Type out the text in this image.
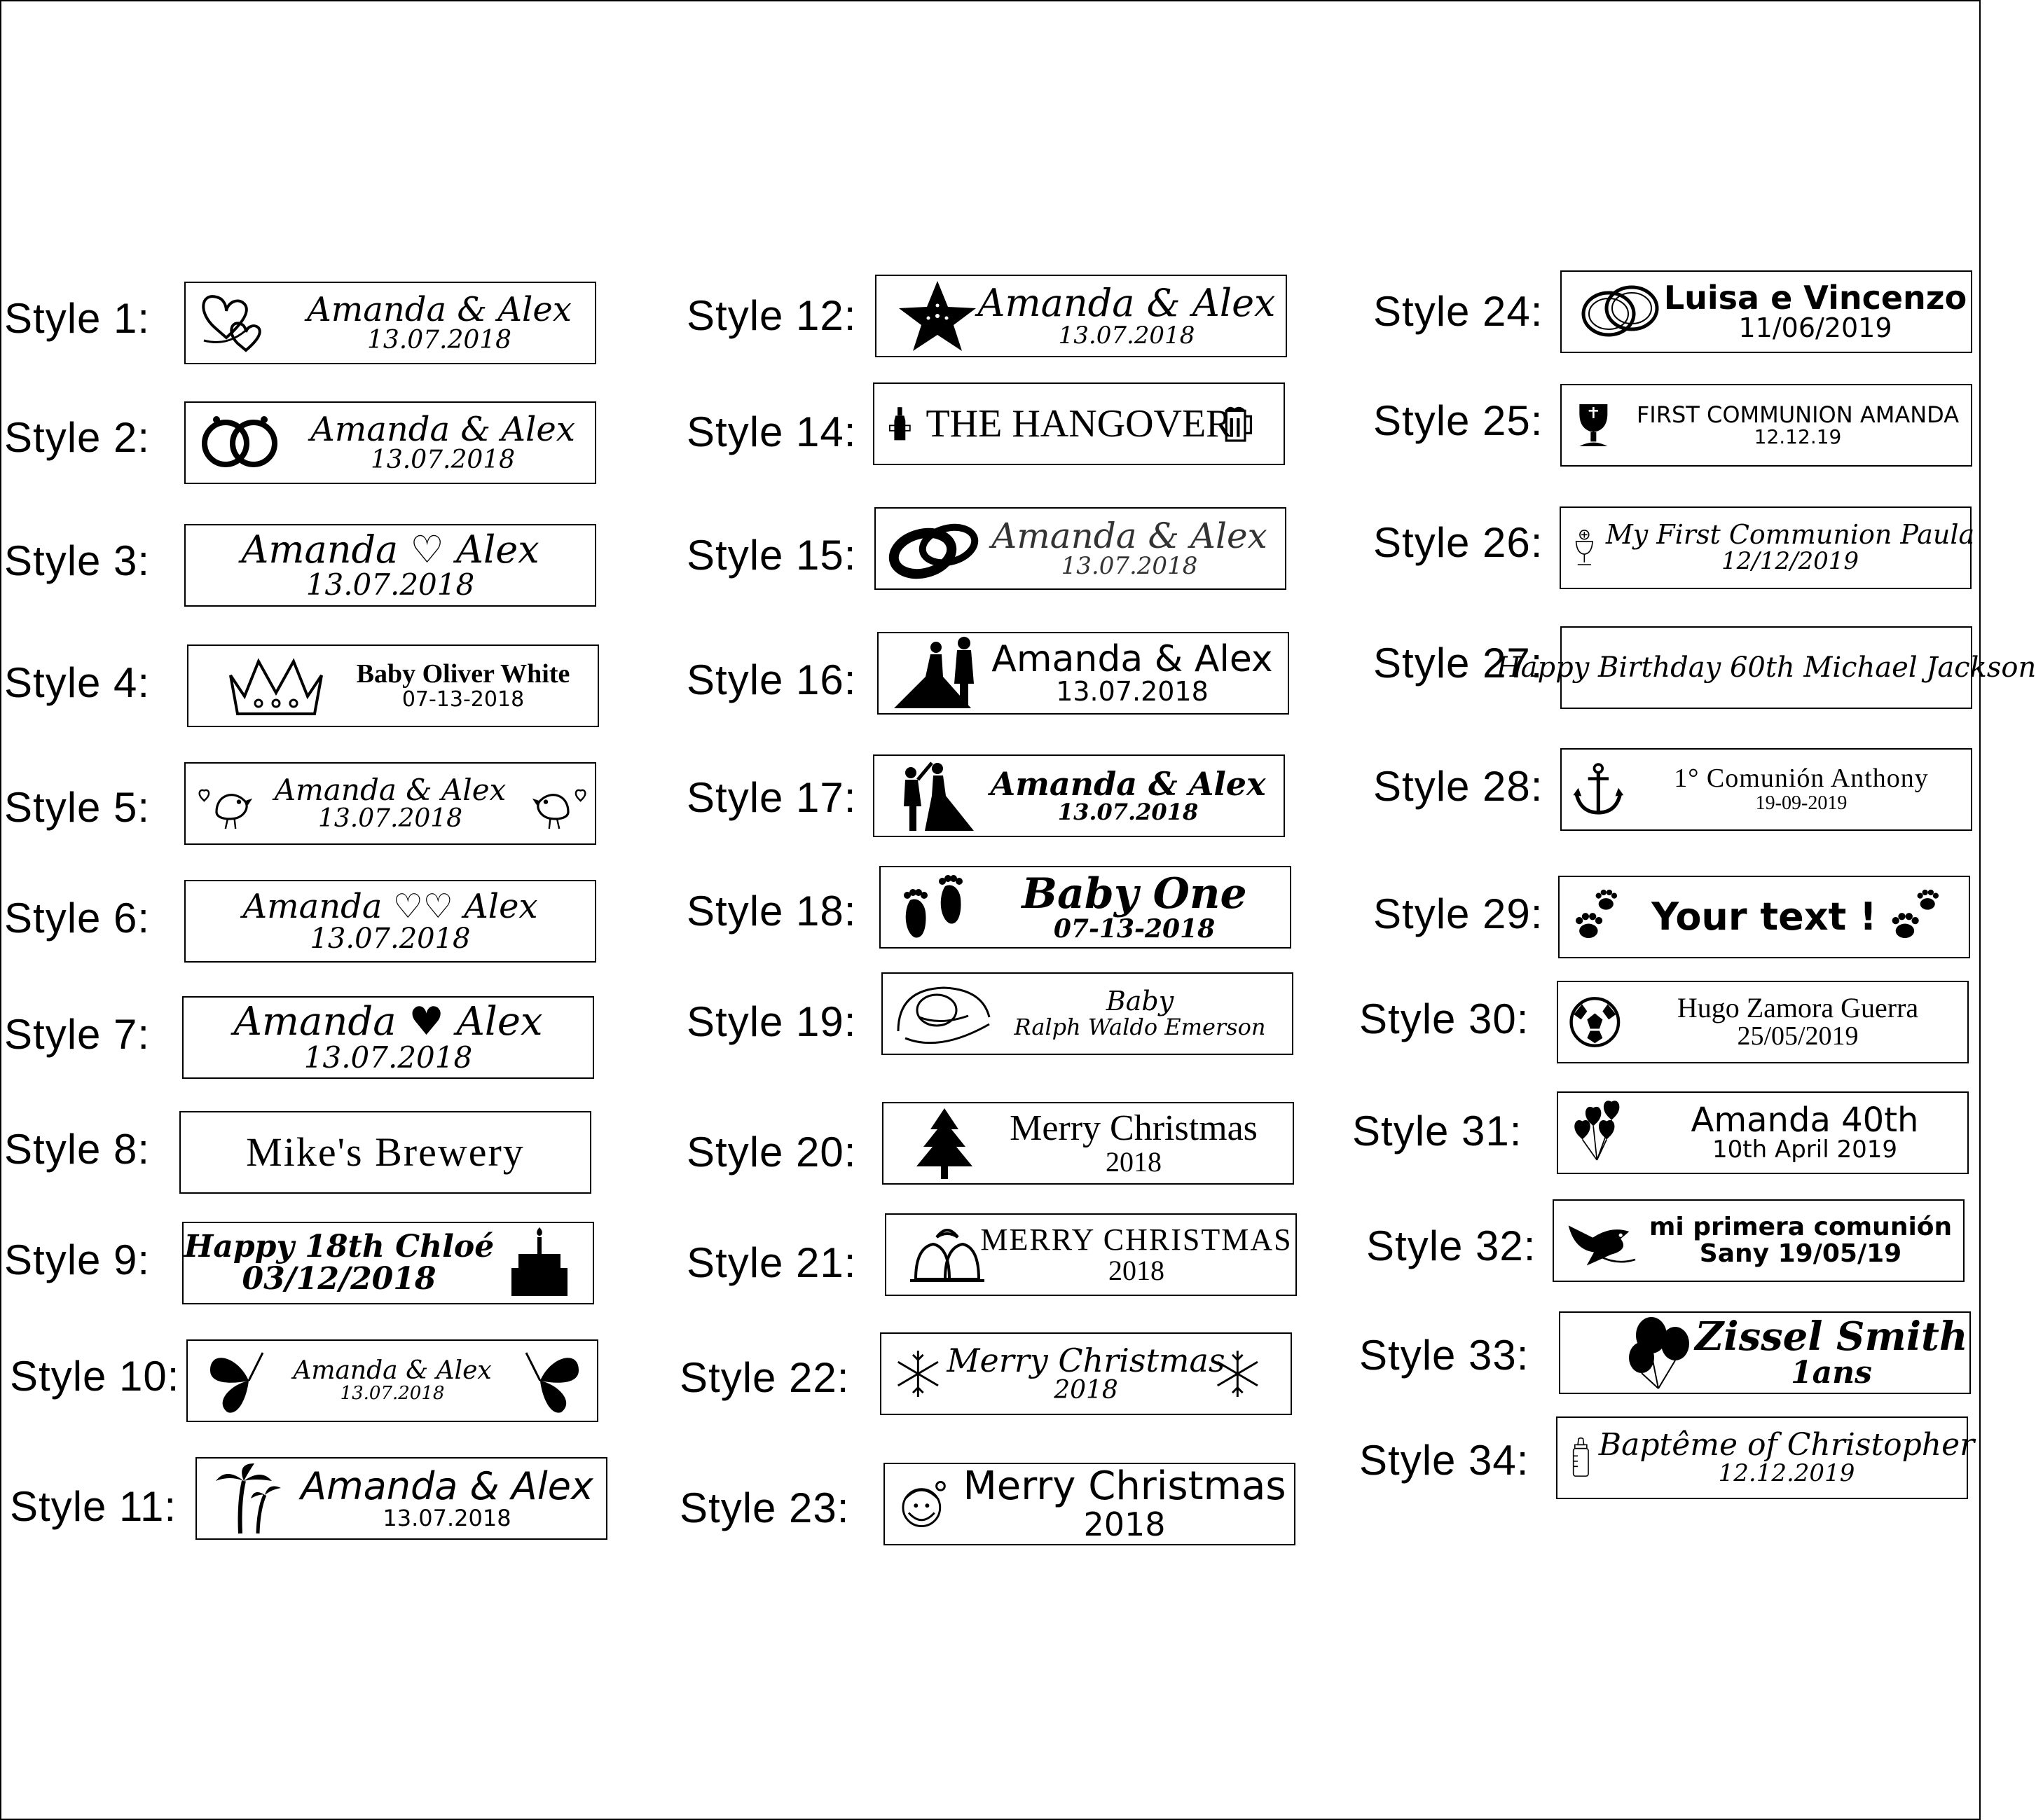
Style 1:	Amanda & Alex
13.07.2018
Style 2:	Amanda & Alex
13.07.2018
Style 3: Amanda ♡ Alex
13.07.2018
Style 4:	Baby Oliver White
07-13-2018
Style 5:	Amanda & Alex
13.07.2018
Style 6:	Amanda ♡♡ Alex
13.07.2018
Style 7: Amanda ♥ Alex
13.07.2018
Style 8: Mike's Brewery
Style 9: Happy 18th Chloé
03/12/2018
Style 10:	Amanda & Alex
13.07.2018
Style 11:	Amanda & Alex
13.07.2018
Style 12:	Amanda & Alex
13.07.2018
Style 14: THE HANGOVER
Style 15:	Amanda & Alex
13.07.2018
Style 16:	Amanda & Alex
13.07.2018
Style 17:	Amanda & Alex
13.07.2018
Style 18:	Baby One
07-13-2018
Style 19:	Baby
Ralph Waldo Emerson
Style 20:
Merry Christmas
2018
Style 21:	MERRY CHRISTMAS
2018
Style 22:	Merry Christmas
2018
Style 23:	Merry Christmas
2018
Style 24:	Luisa e Vincenzo
11/06/2019
Style 25:	FIRST COMMUNION AMANDA
12.12.19
Style 26: My First Communion Paula
12/12/2019
Style 27:
Happy Birthday 60th Michael Jackson
Style 28:	1° Comunión Anthony
19-09-2019
Style 29:	Your text !
Style 30:	Hugo Zamora Guerra
25/05/2019
Style 31:	Amanda 40th
10th April 2019
Style 32:	mi primera comunión
Sany 19/05/19
Style 33:	Zissel Smith
1ans
Style 34: Baptême of Christopher
12.12.2019
